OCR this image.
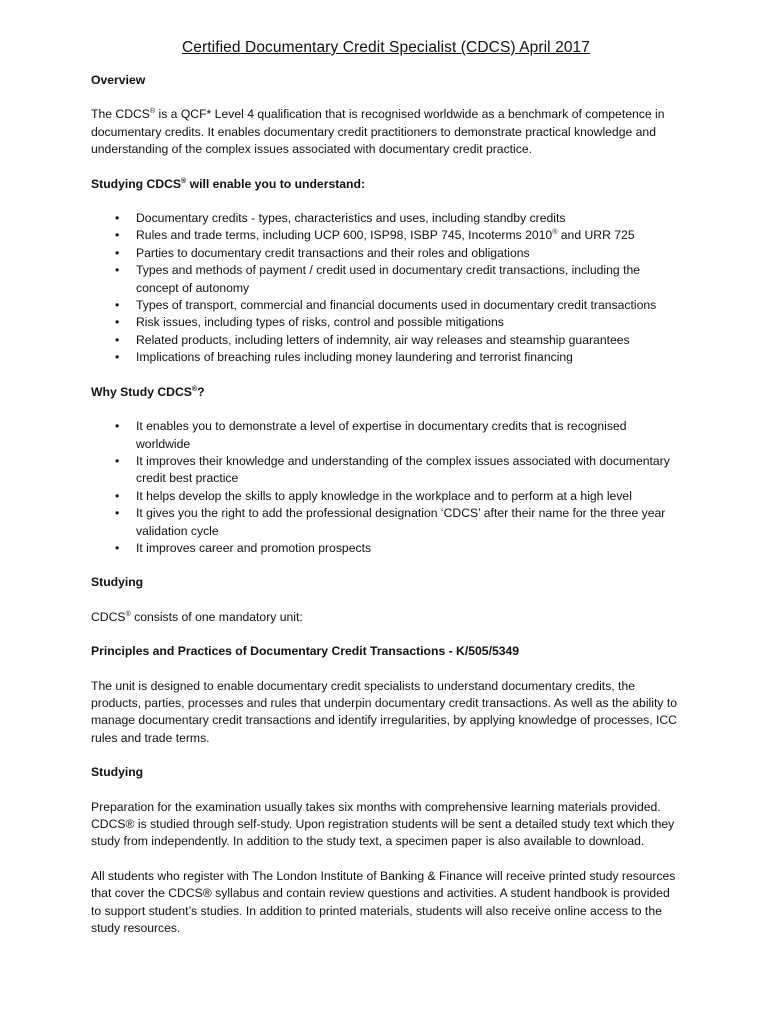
Certified Documentary Credit Specialist (CDCS) April 2017
Overview
The CDCS® is a QCF* Level 4 qualification that is recognised worldwide as a benchmark of competence in documentary credits. It enables documentary credit practitioners to demonstrate practical knowledge and understanding of the complex issues associated with documentary credit practice.
Studying CDCS® will enable you to understand:
• Documentary credits - types, characteristics and uses, including standby credits
• Rules and trade terms, including UCP 600, ISP98, ISBP 745, Incoterms 2010® and URR 725
• Parties to documentary credit transactions and their roles and obligations
• Types and methods of payment / credit used in documentary credit transactions, including the concept of autonomy
• Types of transport, commercial and financial documents used in documentary credit transactions
• Risk issues, including types of risks, control and possible mitigations
• Related products, including letters of indemnity, air way releases and steamship guarantees
• Implications of breaching rules including money laundering and terrorist financing
Why Study CDCS®?
• It enables you to demonstrate a level of expertise in documentary credits that is recognised worldwide
• It improves their knowledge and understanding of the complex issues associated with documentary credit best practice
• It helps develop the skills to apply knowledge in the workplace and to perform at a high level
• It gives you the right to add the professional designation ‘CDCS’ after their name for the three year validation cycle
• It improves career and promotion prospects
Studying
CDCS® consists of one mandatory unit:
Principles and Practices of Documentary Credit Transactions - K/505/5349
The unit is designed to enable documentary credit specialists to understand documentary credits, the products, parties, processes and rules that underpin documentary credit transactions. As well as the ability to manage documentary credit transactions and identify irregularities, by applying knowledge of processes, ICC rules and trade terms.
Studying
Preparation for the examination usually takes six months with comprehensive learning materials provided. CDCS® is studied through self-study. Upon registration students will be sent a detailed study text which they study from independently. In addition to the study text, a specimen paper is also available to download.
All students who register with The London Institute of Banking & Finance will receive printed study resources that cover the CDCS® syllabus and contain review questions and activities. A student handbook is provided to support student’s studies. In addition to printed materials, students will also receive online access to the study resources.
